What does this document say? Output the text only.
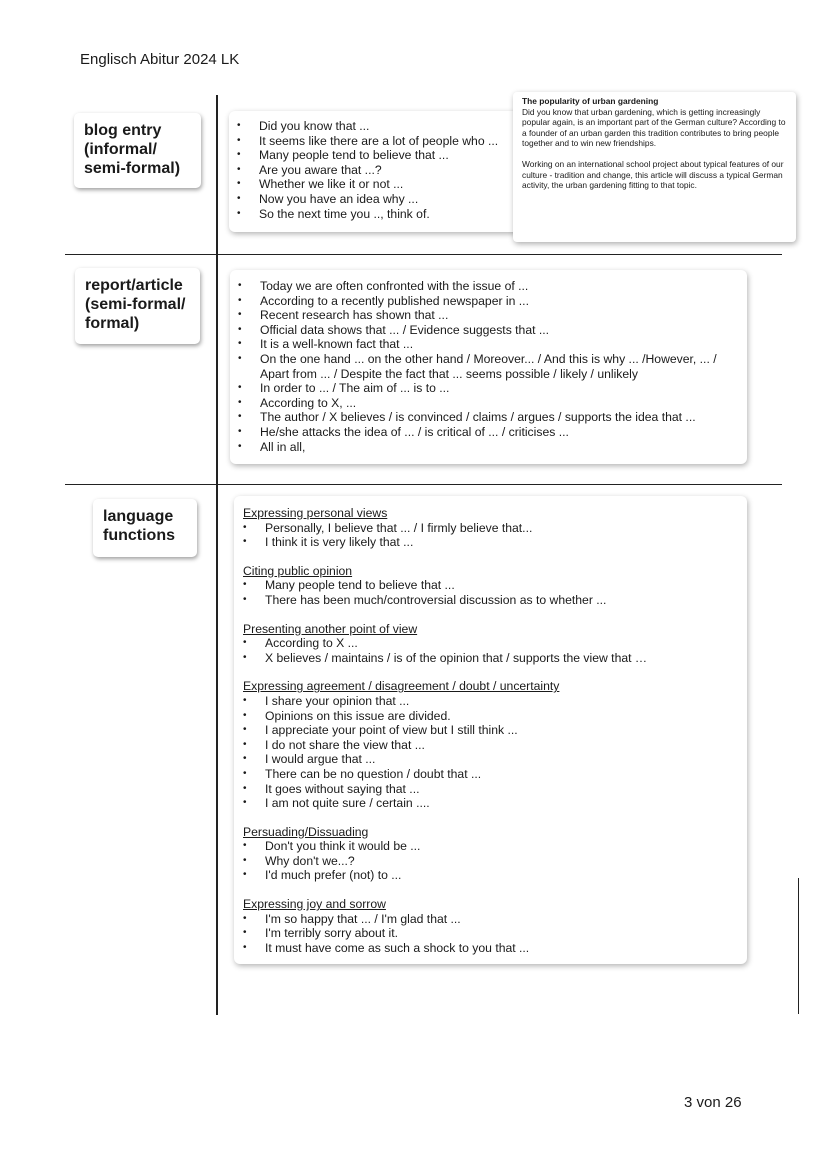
Englisch Abitur 2024 LK
blog entry
(informal/
semi-formal)
• Did you know that ...
• It seems like there are a lot of people who ...
• Many people tend to believe that ...
• Are you aware that ...?
• Whether we like it or not ...
• Now you have an idea why ...
• So the next time you .., think of.

The popularity of urban gardening

Did you know that urban gardening, which is getting increasingly popular again, is an important part of the German culture? According to a founder of an urban garden this tradition contributes to bring people together and to win new friendships.

Working on an international school project about typical features of our culture - tradition and change, this article will discuss a typical German activity, the urban gardening fitting to that topic.

report/article
(semi-formal/
formal)
• Today we are often confronted with the issue of ...
• According to a recently published newspaper in ...
• Recent research has shown that ...
• Official data shows that ... / Evidence suggests that ...
• It is a well-known fact that ...
• On the one hand ... on the other hand / Moreover... / And this is why ... /However, ... / Apart from ... / Despite the fact that ... seems possible / likely / unlikely
• In order to ... / The aim of ... is to ...
• According to X, ...
• The author / X believes / is convinced / claims / argues / supports the idea that ...
• He/she attacks the idea of ... / is critical of ... / criticises ...
• All in all,
language
functions
Expressing personal views
• Personally, I believe that ... / I firmly believe that...
• I think it is very likely that ...
Citing public opinion
• Many people tend to believe that ...
• There has been much/controversial discussion as to whether ...
Presenting another point of view
• According to X ...
• X believes / maintains / is of the opinion that / supports the view that …
Expressing agreement / disagreement / doubt / uncertainty
• I share your opinion that ...
• Opinions on this issue are divided.
• I appreciate your point of view but I still think ...
• I do not share the view that ...
• I would argue that ...
• There can be no question / doubt that ...
• It goes without saying that ...
• I am not quite sure / certain ....
Persuading/Dissuading
• Don't you think it would be ...
• Why don't we...?
• I'd much prefer (not) to ...
Expressing joy and sorrow
• I'm so happy that ... / I'm glad that ...
• I'm terribly sorry about it.
• It must have come as such a shock to you that ...
3 von 26
